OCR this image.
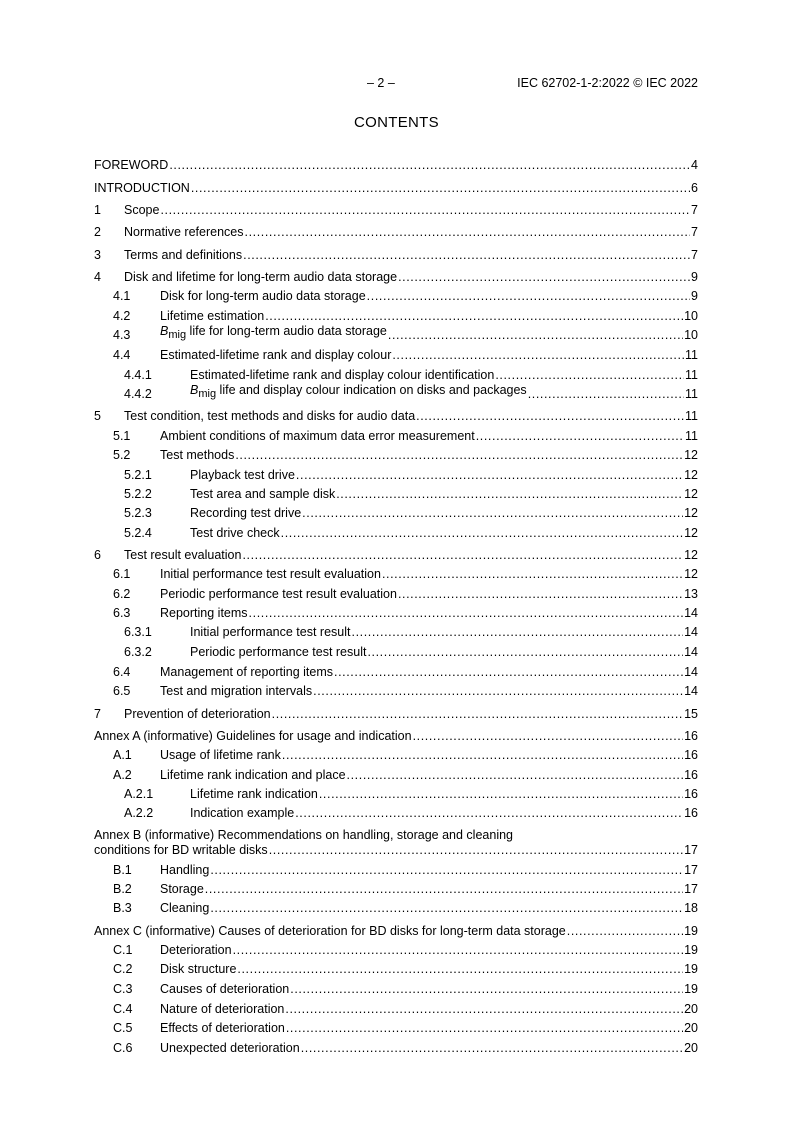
– 2 –	IEC 62702-1-2:2022 © IEC 2022
CONTENTS
FOREWORD .....	4
INTRODUCTION .....	6
1	Scope .....	7
2	Normative references .....	7
3	Terms and definitions .....	7
4	Disk and lifetime for long-term audio data storage .....	9
4.1	Disk for long-term audio data storage .....	9
4.2	Lifetime estimation .....	10
4.3	$B_{mig}$ life for long-term audio data storage .....	10
4.4	Estimated-lifetime rank and display colour .....	11
4.4.1	Estimated-lifetime rank and display colour identification .....	11
4.4.2	$B_{mig}$ life and display colour indication on disks and packages .....	11
5	Test condition, test methods and disks for audio data .....	11
5.1	Ambient conditions of maximum data error measurement .....	11
5.2	Test methods .....	12
5.2.1	Playback test drive .....	12
5.2.2	Test area and sample disk .....	12
5.2.3	Recording test drive .....	12
5.2.4	Test drive check .....	12
6	Test result evaluation .....	12
6.1	Initial performance test result evaluation .....	12
6.2	Periodic performance test result evaluation .....	13
6.3	Reporting items .....	14
6.3.1	Initial performance test result .....	14
6.3.2	Periodic performance test result .....	14
6.4	Management of reporting items .....	14
6.5	Test and migration intervals .....	14
7	Prevention of deterioration .....	15
Annex A (informative) Guidelines for usage and indication .....	16
A.1	Usage of lifetime rank .....	16
A.2	Lifetime rank indication and place .....	16
A.2.1	Lifetime rank indication .....	16
A.2.2	Indication example .....	16
Annex B (informative) Recommendations on handling, storage and cleaning
conditions for BD writable disks .....	17
B.1	Handling .....	17
B.2	Storage .....	17
B.3	Cleaning .....	18
Annex C (informative) Causes of deterioration for BD disks for long-term data storage .....	19
C.1	Deterioration .....	19
C.2	Disk structure .....	19
C.3	Causes of deterioration .....	19
C.4	Nature of deterioration .....	20
C.5	Effects of deterioration .....	20
C.6	Unexpected deterioration .....	20
